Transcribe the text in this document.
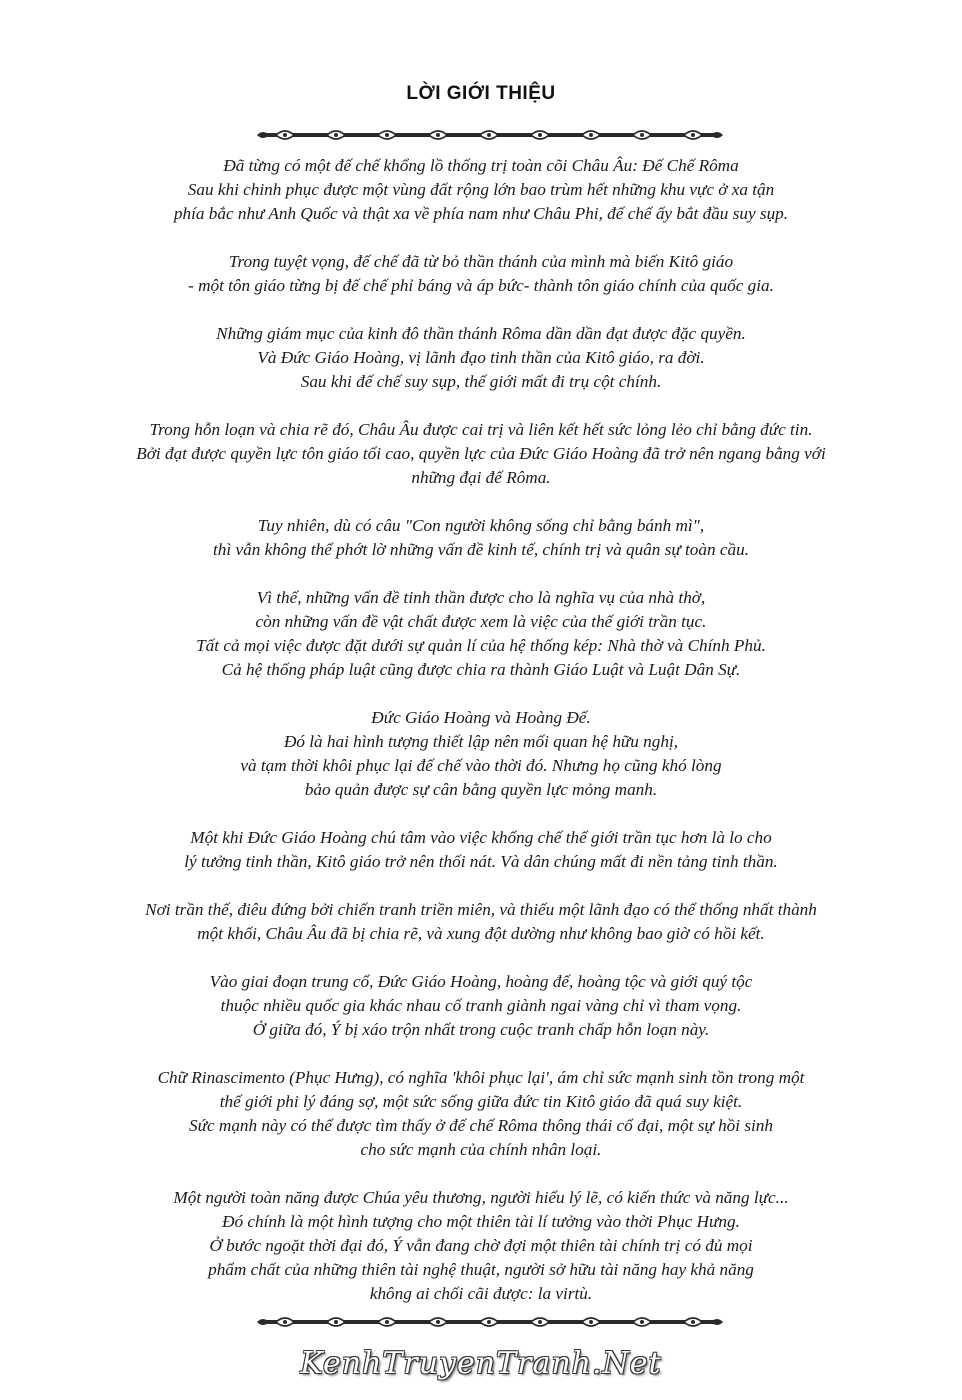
LỜI GIỚI THIỆU

Đã từng có một đế chế khổng lồ thống trị toàn cõi Châu Âu: Đế Chế Rôma
Sau khi chinh phục được một vùng đất rộng lớn bao trùm hết những khu vực ở xa tận
phía bắc như Anh Quốc và thật xa về phía nam như Châu Phi, đế chế ấy bắt đầu suy sụp.

Trong tuyệt vọng, đế chế đã từ bỏ thần thánh của mình mà biến Kitô giáo
- một tôn giáo từng bị đế chế phỉ báng và áp bức- thành tôn giáo chính của quốc gia.

Những giám mục của kinh đô thần thánh Rôma dần dần đạt được đặc quyền.
Và Đức Giáo Hoàng, vị lãnh đạo tinh thần của Kitô giáo, ra đời.
Sau khi đế chế suy sụp, thế giới mất đi trụ cột chính.

Trong hỗn loạn và chia rẽ đó, Châu Âu được cai trị và liên kết hết sức lỏng lẻo chỉ bằng đức tin.
Bởi đạt được quyền lực tôn giáo tối cao, quyền lực của Đức Giáo Hoàng đã trở nên ngang bằng với
những đại đế Rôma.

Tuy nhiên, dù có câu "Con người không sống chỉ bằng bánh mì",
thì vẫn không thể phớt lờ những vấn đề kinh tế, chính trị và quân sự toàn cầu.

Vì thế, những vấn đề tinh thần được cho là nghĩa vụ của nhà thờ,
còn những vấn đề vật chất được xem là việc của thế giới trần tục.
Tất cả mọi việc được đặt dưới sự quản lí của hệ thống kép: Nhà thờ và Chính Phủ.
Cả hệ thống pháp luật cũng được chia ra thành Giáo Luật và Luật Dân Sự.

Đức Giáo Hoàng và Hoàng Đế.
Đó là hai hình tượng thiết lập nên mối quan hệ hữu nghị,
và tạm thời khôi phục lại đế chế vào thời đó. Nhưng họ cũng khó lòng
bảo quản được sự cân bằng quyền lực mỏng manh.

Một khi Đức Giáo Hoàng chú tâm vào việc khống chế thế giới trần tục hơn là lo cho
lý tưởng tinh thần, Kitô giáo trở nên thối nát. Và dân chúng mất đi nền tảng tinh thần.

Nơi trần thế, điêu đứng bởi chiến tranh triền miên, và thiếu một lãnh đạo có thể thống nhất thành
một khối, Châu Âu đã bị chia rẽ, và xung đột dường như không bao giờ có hồi kết.

Vào giai đoạn trung cổ, Đức Giáo Hoàng, hoàng đế, hoàng tộc và giới quý tộc
thuộc nhiều quốc gia khác nhau cố tranh giành ngai vàng chỉ vì tham vọng.
Ở giữa đó, Ý bị xáo trộn nhất trong cuộc tranh chấp hỗn loạn này.

Chữ Rinascimento (Phục Hưng), có nghĩa 'khôi phục lại', ám chỉ sức mạnh sinh tồn trong một
thế giới phi lý đáng sợ, một sức sống giữa đức tin Kitô giáo đã quá suy kiệt.
Sức mạnh này có thể được tìm thấy ở đế chế Rôma thông thái cổ đại, một sự hồi sinh
cho sức mạnh của chính nhân loại.

Một người toàn năng được Chúa yêu thương, người hiểu lý lẽ, có kiến thức và năng lực...
Đó chính là một hình tượng cho một thiên tài lí tưởng vào thời Phục Hưng.
Ở bước ngoặt thời đại đó, Ý vẫn đang chờ đợi một thiên tài chính trị có đủ mọi
phẩm chất của những thiên tài nghệ thuật, người sở hữu tài năng hay khả năng
không ai chối cãi được: la virtù.

KenhTruyenTranh.Net
